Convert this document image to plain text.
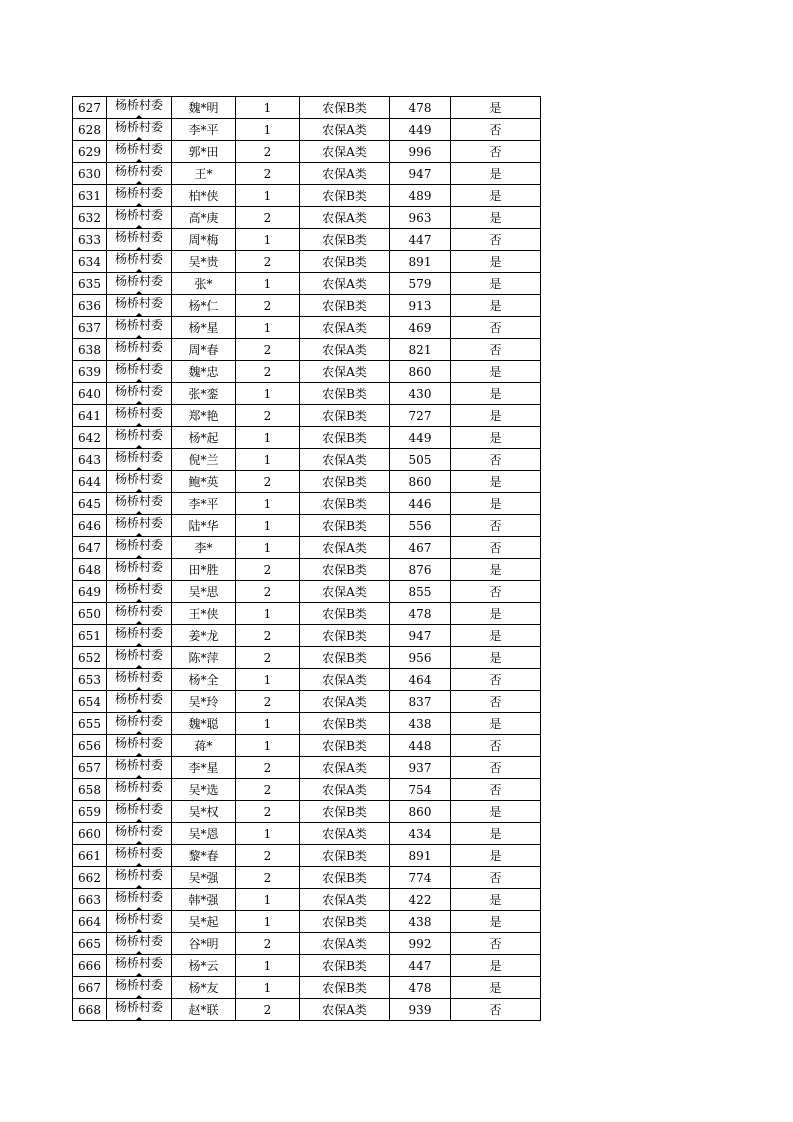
627	杨桥村委	魏*明	1	农保B类	478	是
628	杨桥村委	李*平	1	农保A类	449	否
629	杨桥村委	郭*田	2	农保A类	996	否
630	杨桥村委	王*	2	农保A类	947	是
631	杨桥村委	柏*侠	1	农保B类	489	是
632	杨桥村委	高*庚	2	农保A类	963	是
633	杨桥村委	周*梅	1	农保B类	447	否
634	杨桥村委	吴*贵	2	农保B类	891	是
635	杨桥村委	张*	1	农保A类	579	是
636	杨桥村委	杨*仁	2	农保B类	913	是
637	杨桥村委	杨*星	1	农保A类	469	否
638	杨桥村委	周*春	2	农保A类	821	否
639	杨桥村委	魏*忠	2	农保A类	860	是
640	杨桥村委	张*銮	1	农保B类	430	是
641	杨桥村委	郑*艳	2	农保B类	727	是
642	杨桥村委	杨*起	1	农保B类	449	是
643	杨桥村委	倪*兰	1	农保A类	505	否
644	杨桥村委	鲍*英	2	农保B类	860	是
645	杨桥村委	李*平	1	农保B类	446	是
646	杨桥村委	陆*华	1	农保B类	556	否
647	杨桥村委	李*	1	农保A类	467	否
648	杨桥村委	田*胜	2	农保B类	876	是
649	杨桥村委	吴*思	2	农保A类	855	否
650	杨桥村委	王*侠	1	农保B类	478	是
651	杨桥村委	姜*龙	2	农保B类	947	是
652	杨桥村委	陈*萍	2	农保B类	956	是
653	杨桥村委	杨*全	1	农保A类	464	否
654	杨桥村委	吴*玲	2	农保A类	837	否
655	杨桥村委	魏*聪	1	农保B类	438	是
656	杨桥村委	蒋*	1	农保B类	448	否
657	杨桥村委	李*星	2	农保A类	937	否
658	杨桥村委	吴*选	2	农保A类	754	否
659	杨桥村委	吴*权	2	农保B类	860	是
660	杨桥村委	吴*恩	1	农保A类	434	是
661	杨桥村委	黎*春	2	农保B类	891	是
662	杨桥村委	吴*强	2	农保B类	774	否
663	杨桥村委	韩*强	1	农保A类	422	是
664	杨桥村委	吴*起	1	农保B类	438	是
665	杨桥村委	谷*明	2	农保A类	992	否
666	杨桥村委	杨*云	1	农保B类	447	是
667	杨桥村委	杨*友	1	农保B类	478	是
668	杨桥村委	赵*联	2	农保A类	939	否
